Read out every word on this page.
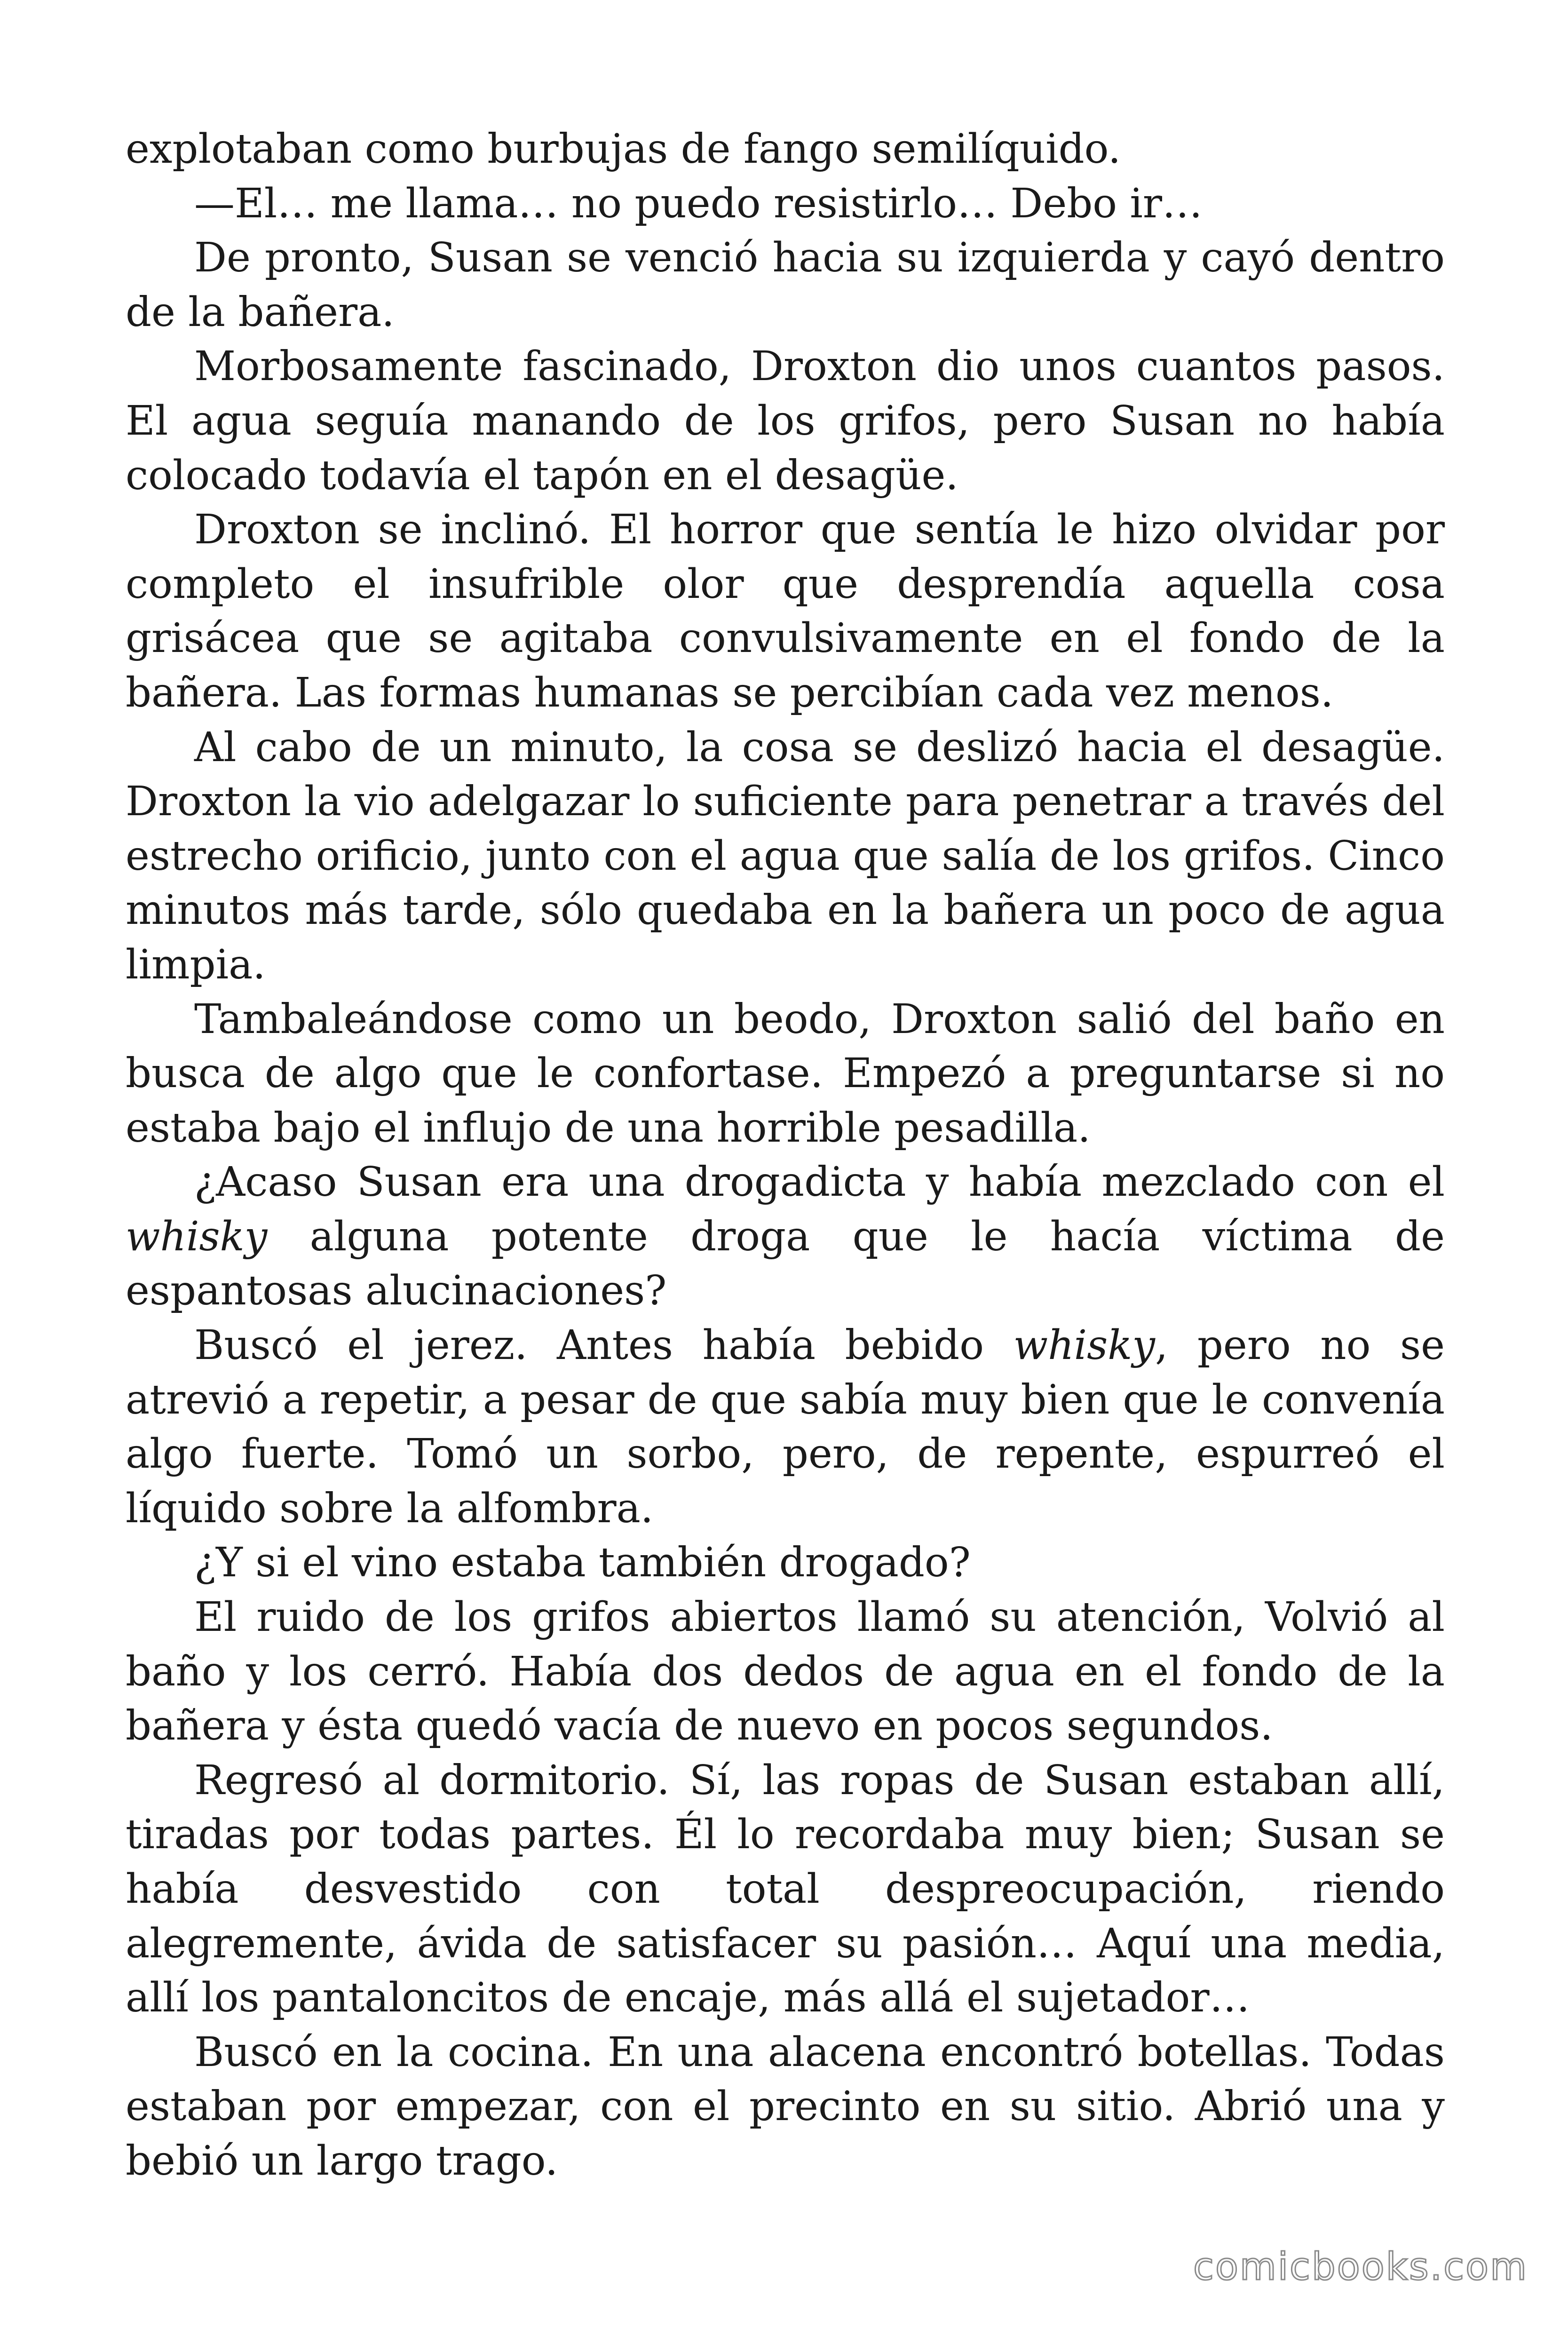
explotaban como burbujas de fango semilíquido.

—El… me llama… no puedo resistirlo… Debo ir…

De pronto, Susan se venció hacia su izquierda y cayó dentro de la bañera.

Morbosamente fascinado, Droxton dio unos cuantos pasos. El agua seguía manando de los grifos, pero Susan no había colocado todavía el tapón en el desagüe.

Droxton se inclinó. El horror que sentía le hizo olvidar por completo el insufrible olor que desprendía aquella cosa grisácea que se agitaba convulsivamente en el fondo de la bañera. Las formas humanas se percibían cada vez menos.

Al cabo de un minuto, la cosa se deslizó hacia el desagüe. Droxton la vio adelgazar lo suficiente para penetrar a través del estrecho orificio, junto con el agua que salía de los grifos. Cinco minutos más tarde, sólo quedaba en la bañera un poco de agua limpia.

Tambaleándose como un beodo, Droxton salió del baño en busca de algo que le confortase. Empezó a preguntarse si no estaba bajo el influjo de una horrible pesadilla.

¿Acaso Susan era una drogadicta y había mezclado con el whisky alguna potente droga que le hacía víctima de espantosas alucinaciones?

Buscó el jerez. Antes había bebido whisky, pero no se atrevió a repetir, a pesar de que sabía muy bien que le convenía algo fuerte. Tomó un sorbo, pero, de repente, espurreó el líquido sobre la alfombra.

¿Y si el vino estaba también drogado?

El ruido de los grifos abiertos llamó su atención, Volvió al baño y los cerró. Había dos dedos de agua en el fondo de la bañera y ésta quedó vacía de nuevo en pocos segundos.

Regresó al dormitorio. Sí, las ropas de Susan estaban allí, tiradas por todas partes. Él lo recordaba muy bien; Susan se había desvestido con total despreocupación, riendo alegremente, ávida de satisfacer su pasión… Aquí una media, allí los pantaloncitos de encaje, más allá el sujetador…

Buscó en la cocina. En una alacena encontró botellas. Todas estaban por empezar, con el precinto en su sitio. Abrió una y bebió un largo trago.

comicbooks.com
